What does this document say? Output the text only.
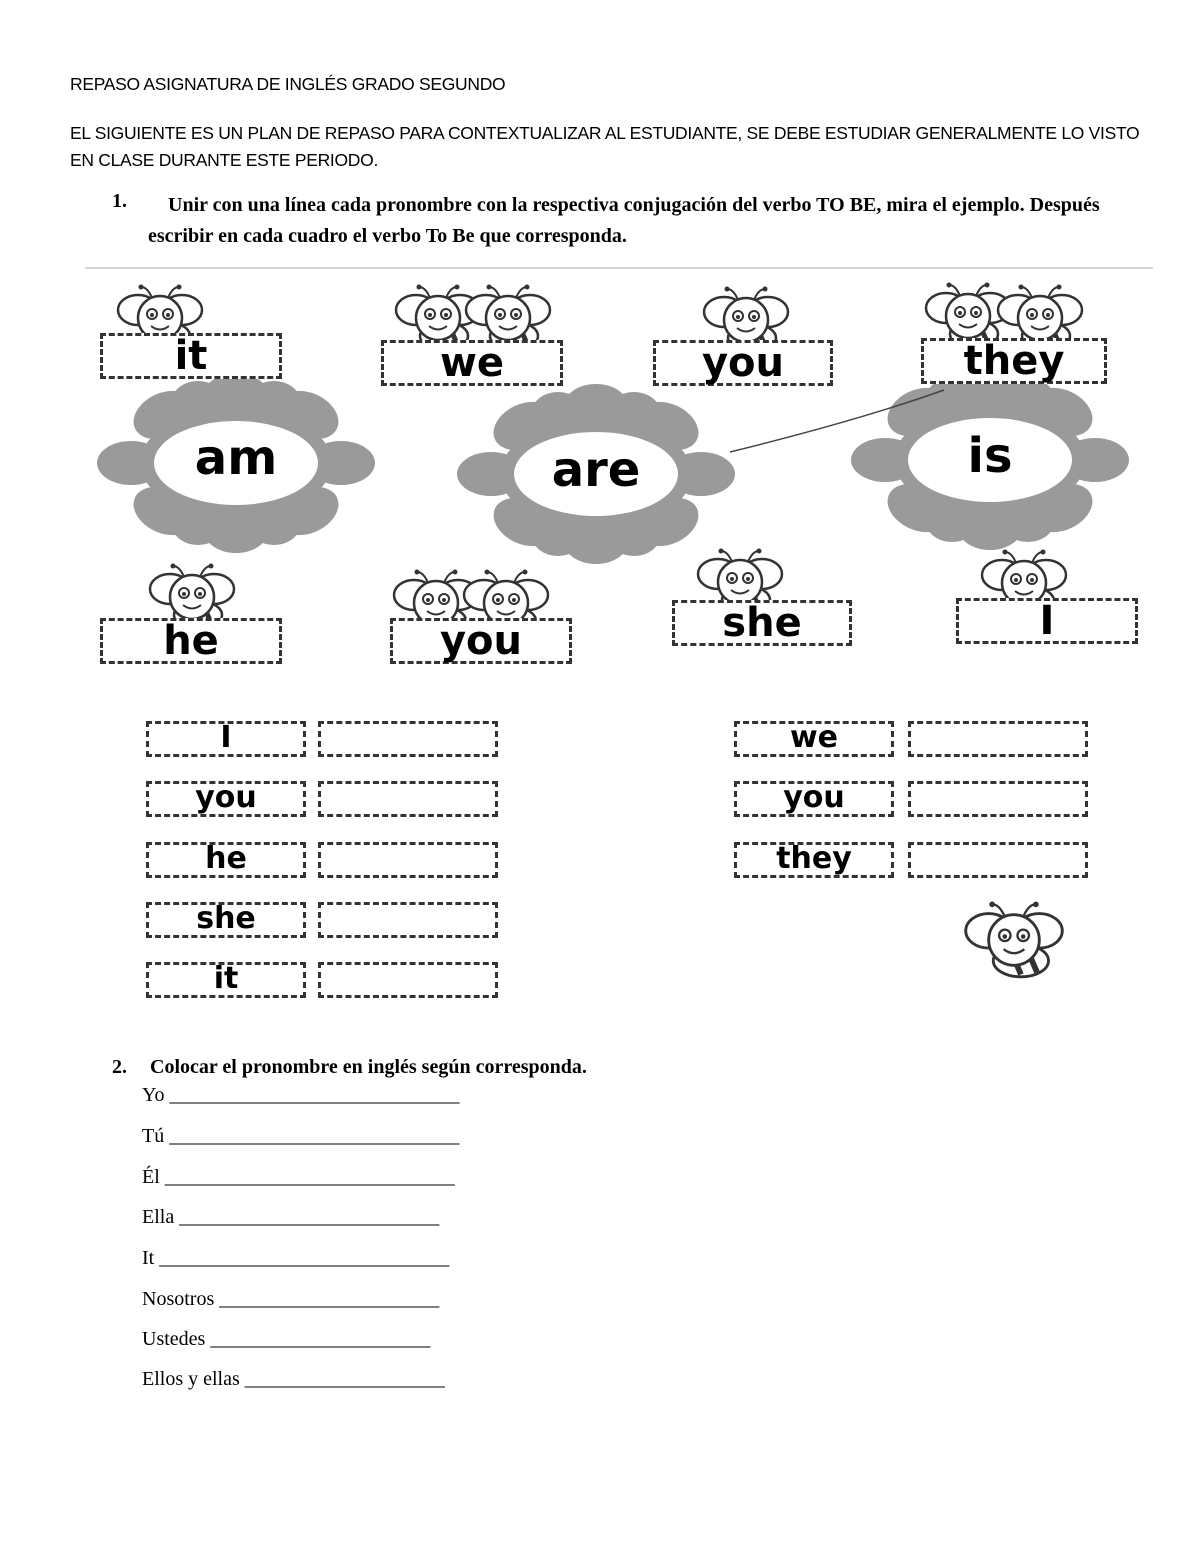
REPASO ASIGNATURA DE INGLÉS GRADO SEGUNDO
EL SIGUIENTE ES UN PLAN DE REPASO PARA CONTEXTUALIZAR AL ESTUDIANTE, SE DEBE ESTUDIAR GENERALMENTE LO VISTO EN CLASE DURANTE ESTE PERIODO.
1.	Unir con una línea cada pronombre con la respectiva conjugación del verbo TO BE, mira el ejemplo. Después escribir en cada cuadro el verbo To Be que corresponda.
it	we	you	they
am	are	is
he	you	she	I
I
you
he
she
it
we
you
they
2. Colocar el pronombre en inglés según corresponda.
Yo _____________________________
Tú _____________________________
Él _____________________________
Ella __________________________
It _____________________________
Nosotros ______________________
Ustedes ______________________
Ellos y ellas ____________________
